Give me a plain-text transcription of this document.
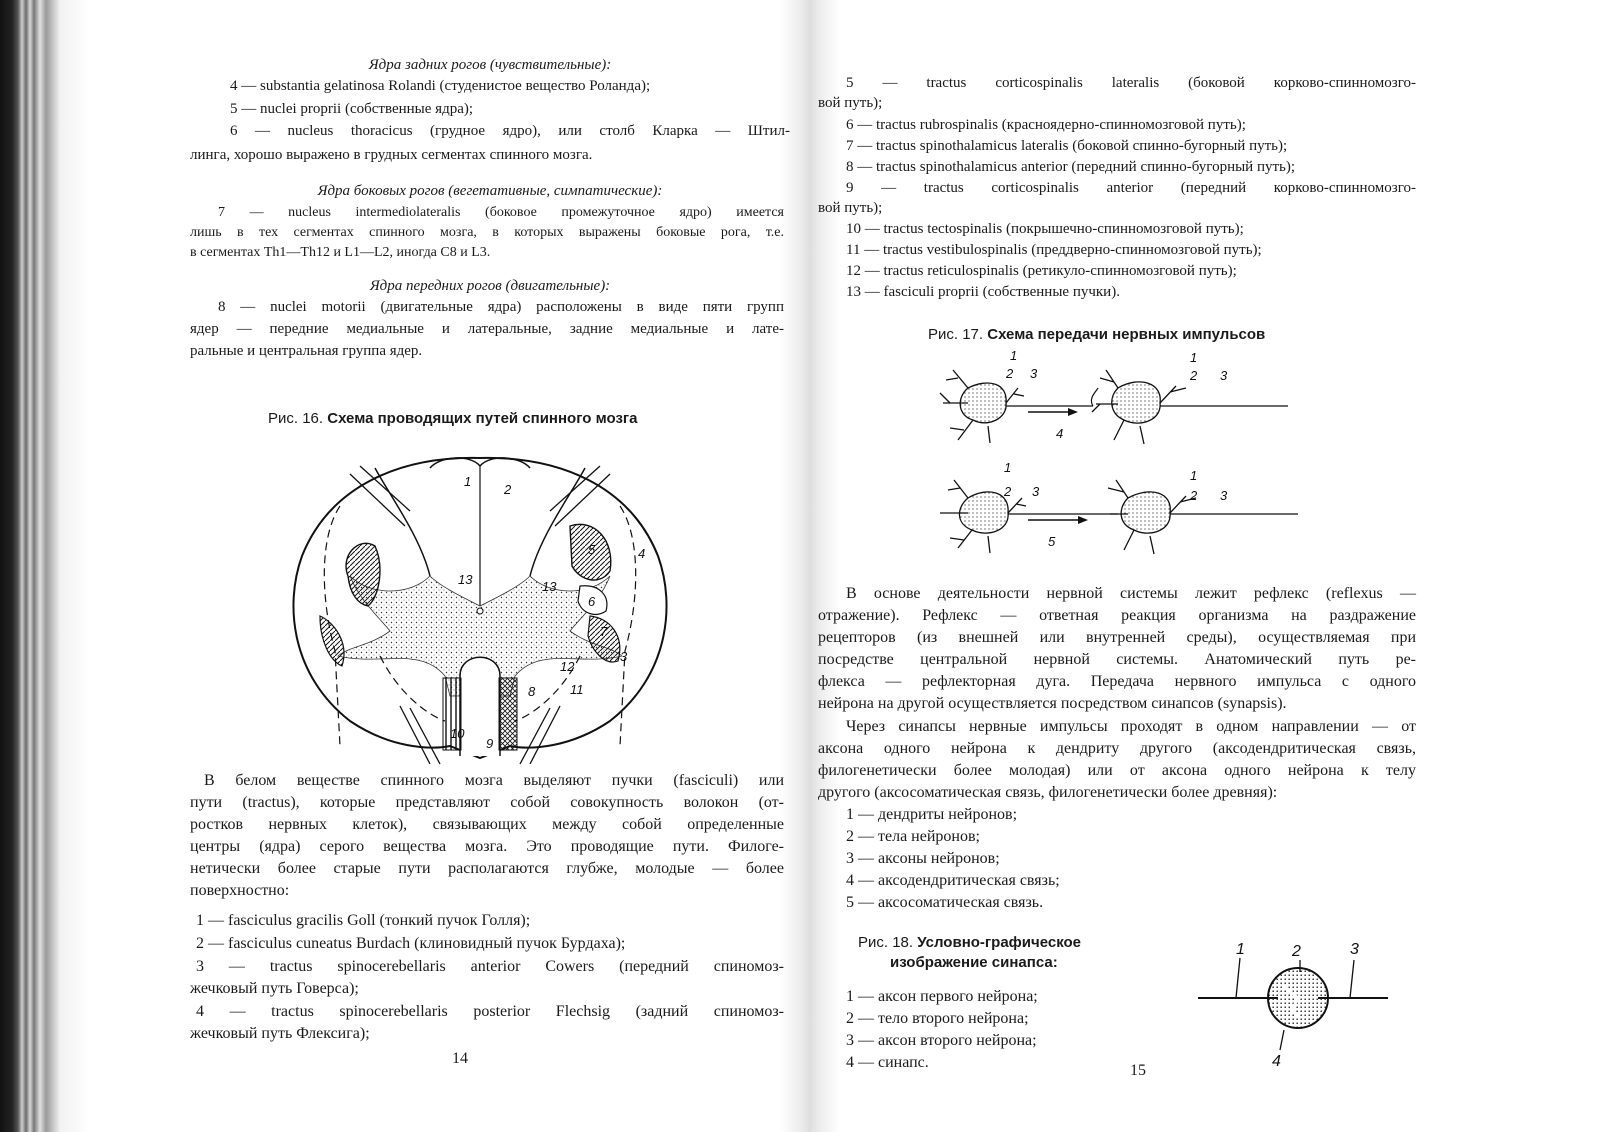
Ядра задних рогов (чувствительные):
4 — substantia gelatinosa Rolandi (студенистое вещество Роланда);
5 — nuclei proprii (собственные ядра);
6 — nucleus thoracicus (грудное ядро), или столб Кларка — Штил-
линга, хорошо выражено в грудных сегментах спинного мозга.
Ядра боковых рогов (вегетативные, симпатические):
7 — nucleus intermediolateralis (боковое промежуточное ядро) имеется
лишь в тех сегментах спинного мозга, в которых выражены боковые рога, т.е.
в сегментах Th1—Th12 и L1—L2, иногда C8 и L3.
Ядра передних рогов (двигательные):
8 — nuclei motorii (двигательные ядра) расположены в виде пяти групп
ядер — передние медиальные и латеральные, задние медиальные и лате-
ральные и центральная группа ядер.
Рис. 16. Схема проводящих путей спинного мозга
1
2
3
4
5
6
7
8
9
10
11
12
13	13
В белом веществе спинного мозга выделяют пучки (fasciculi) или
пути (tractus), которые представляют собой совокупность волокон (от-
ростков нервных клеток), связывающих между собой определенные
центры (ядра) серого вещества мозга. Это проводящие пути. Филоге-
нетически более старые пути располагаются глубже, молодые — более
поверхностно:
1 — fasciculus gracilis Goll (тонкий пучок Голля);
2 — fasciculus cuneatus Burdach (клиновидный пучок Бурдаха);
3 — tractus spinocerebellaris anterior Cowers (передний спиномоз-
жечковый путь Говерса);
4 — tractus spinocerebellaris posterior Flechsig (задний спиномоз-
жечковый путь Флексига);
14
5 — tractus corticospinalis lateralis (боковой корково-спинномозго-
вой путь);
6 — tractus rubrospinalis (красноядерно-спинномозговой путь);
7 — tractus spinothalamicus lateralis (боковой спинно-бугорный путь);
8 — tractus spinothalamicus anterior (передний спинно-бугорный путь);
9 — tractus corticospinalis anterior (передний корково-спинномозго-
вой путь);
10 — tractus tectospinalis (покрышечно-спинномозговой путь);
11 — tractus vestibulospinalis (преддверно-спинномозговой путь);
12 — tractus reticulospinalis (ретикуло-спинномозговой путь);
13 — fasciculi proprii (собственные пучки).
Рис. 17. Схема передачи нервных импульсов
1
2 3
1
2 3
4
1
2 3
1
2 3
5
В основе деятельности нервной системы лежит рефлекс (reflexus —
отражение). Рефлекс — ответная реакция организма на раздражение
рецепторов (из внешней или внутренней среды), осуществляемая при
посредстве центральной нервной системы. Анатомический путь ре-
флекса — рефлекторная дуга. Передача нервного импульса с одного
нейрона на другой осуществляется посредством синапсов (synapsis).
Через синапсы нервные импульсы проходят в одном направлении — от
аксона одного нейрона к дендриту другого (аксодендритическая связь,
филогенетически более молодая) или от аксона одного нейрона к телу
другого (аксосоматическая связь, филогенетически более древняя):
1 — дендриты нейронов;
2 — тела нейронов;
3 — аксоны нейронов;
4 — аксодендритическая связь;
5 — аксосоматическая связь.
Рис. 18. Условно-графическое
изображение синапса:
1 — аксон первого нейрона;
2 — тело второго нейрона;
3 — аксон второго нейрона;
4 — синапс.
1	2	3
4
15
